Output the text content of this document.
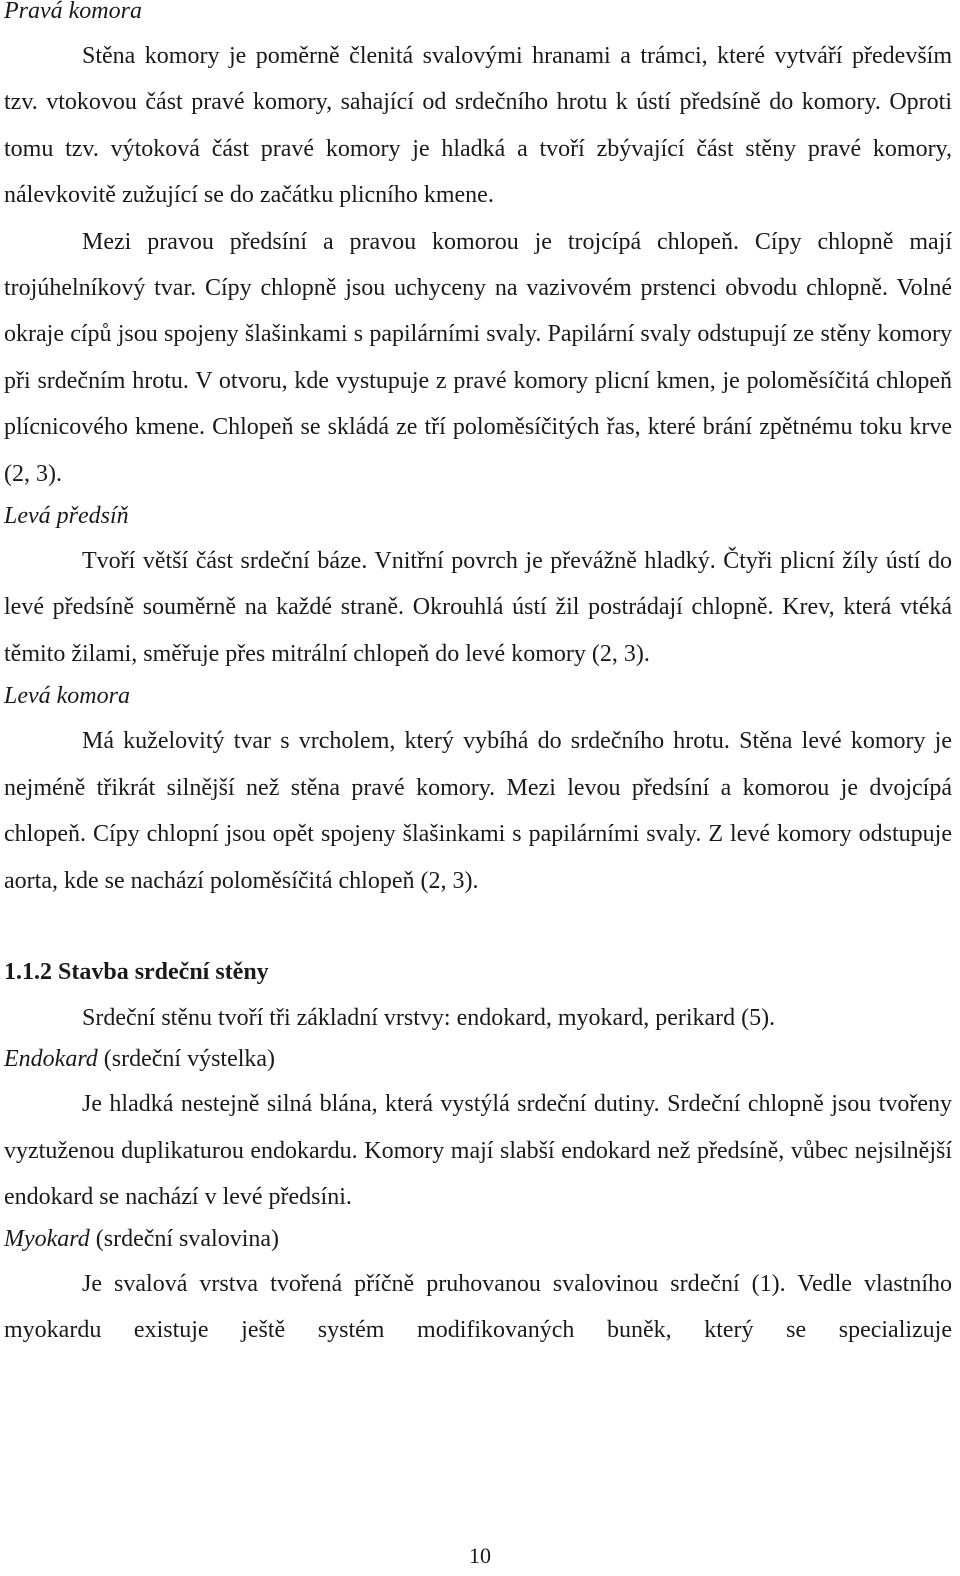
Pravá komora

Stěna komory je poměrně členitá svalovými hranami a trámci, které vytváří především tzv. vtokovou část pravé komory, sahající od srdečního hrotu k ústí předsíně do komory. Oproti tomu tzv. výtoková část pravé komory je hladká a tvoří zbývající část stěny pravé komory, nálevkovitě zužující se do začátku plicního kmene.

Mezi pravou předsíní a pravou komorou je trojcípá chlopeň. Cípy chlopně mají trojúhelníkový tvar. Cípy chlopně jsou uchyceny na vazivovém prstenci obvodu chlopně. Volné okraje cípů jsou spojeny šlašinkami s papilárními svaly. Papilární svaly odstupují ze stěny komory při srdečním hrotu. V otvoru, kde vystupuje z pravé komory plicní kmen, je poloměsíčitá chlopeň plícnicového kmene. Chlopeň se skládá ze tří poloměsíčitých řas, které brání zpětnému toku krve (2, 3).

Levá předsíň

Tvoří větší část srdeční báze. Vnitřní povrch je převážně hladký. Čtyři plicní žíly ústí do levé předsíně souměrně na každé straně. Okrouhlá ústí žil postrádají chlopně. Krev, která vtéká těmito žilami, směřuje přes mitrální chlopeň do levé komory (2, 3).

Levá komora

Má kuželovitý tvar s vrcholem, který vybíhá do srdečního hrotu. Stěna levé komory je nejméně třikrát silnější než stěna pravé komory. Mezi levou předsíní a komorou je dvojcípá chlopeň. Cípy chlopní jsou opět spojeny šlašinkami s papilárními svaly. Z levé komory odstupuje aorta, kde se nachází poloměsíčitá chlopeň (2, 3).

1.1.2 Stavba srdeční stěny

Srdeční stěnu tvoří tři základní vrstvy: endokard, myokard, perikard (5).

Endokard (srdeční výstelka)

Je hladká nestejně silná blána, která vystýlá srdeční dutiny. Srdeční chlopně jsou tvořeny vyztuženou duplikaturou endokardu. Komory mají slabší endokard než předsíně, vůbec nejsilnější endokard se nachází v levé předsíni.

Myokard (srdeční svalovina)

Je svalová vrstva tvořená příčně pruhovanou svalovinou srdeční (1). Vedle vlastního myokardu existuje ještě systém modifikovaných buněk, který se specializuje

10
